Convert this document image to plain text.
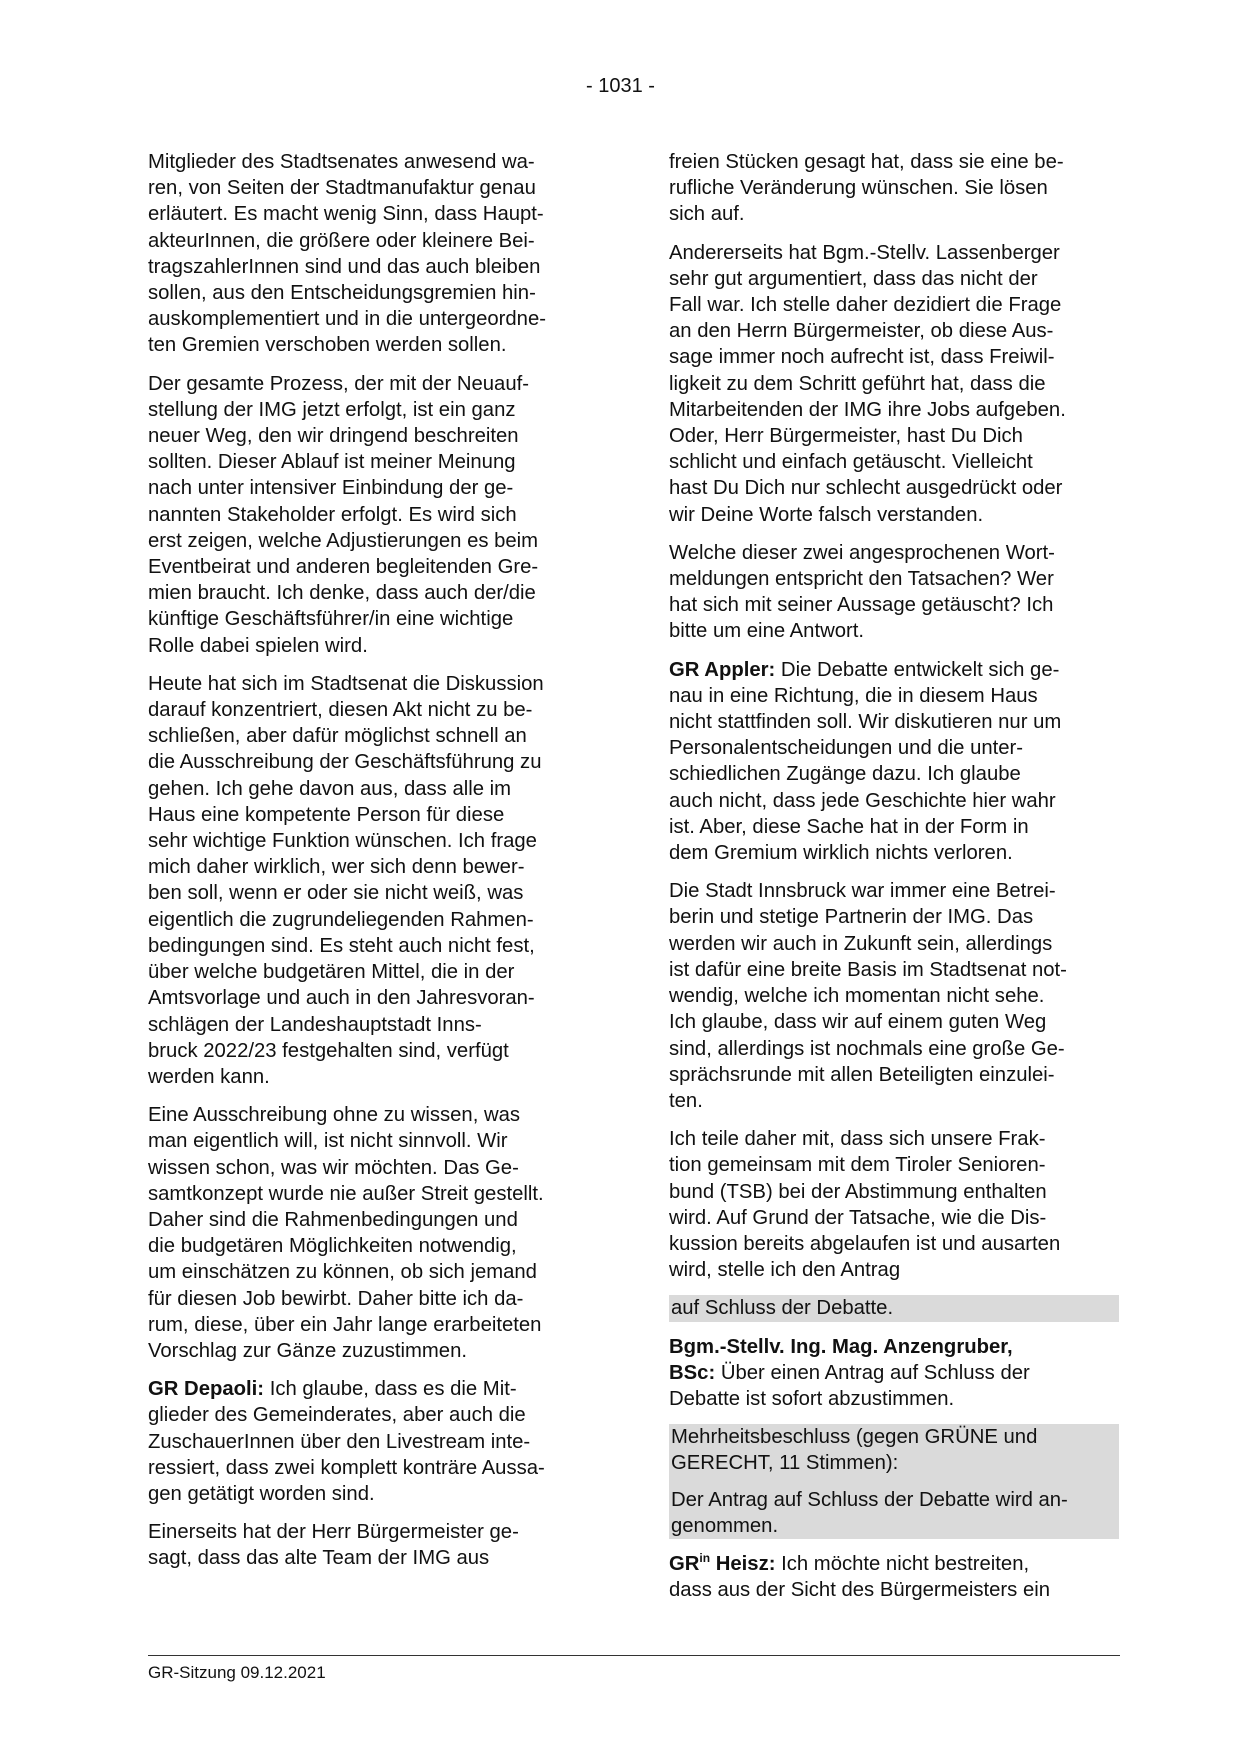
- 1031 -

Mitglieder des Stadtsenates anwesend wa-
ren, von Seiten der Stadtmanufaktur genau
erläutert. Es macht wenig Sinn, dass Haupt-
akteurInnen, die größere oder kleinere Bei-
tragszahlerInnen sind und das auch bleiben
sollen, aus den Entscheidungsgremien hin-
auskomplementiert und in die untergeordne-
ten Gremien verschoben werden sollen.

Der gesamte Prozess, der mit der Neuauf-
stellung der IMG jetzt erfolgt, ist ein ganz
neuer Weg, den wir dringend beschreiten
sollten. Dieser Ablauf ist meiner Meinung
nach unter intensiver Einbindung der ge-
nannten Stakeholder erfolgt. Es wird sich
erst zeigen, welche Adjustierungen es beim
Eventbeirat und anderen begleitenden Gre-
mien braucht. Ich denke, dass auch der/die
künftige Geschäftsführer/in eine wichtige
Rolle dabei spielen wird.

Heute hat sich im Stadtsenat die Diskussion
darauf konzentriert, diesen Akt nicht zu be-
schließen, aber dafür möglichst schnell an
die Ausschreibung der Geschäftsführung zu
gehen. Ich gehe davon aus, dass alle im
Haus eine kompetente Person für diese
sehr wichtige Funktion wünschen. Ich frage
mich daher wirklich, wer sich denn bewer-
ben soll, wenn er oder sie nicht weiß, was
eigentlich die zugrundeliegenden Rahmen-
bedingungen sind. Es steht auch nicht fest,
über welche budgetären Mittel, die in der
Amtsvorlage und auch in den Jahresvoran-
schlägen der Landeshauptstadt Inns-
bruck 2022/23 festgehalten sind, verfügt
werden kann.

Eine Ausschreibung ohne zu wissen, was
man eigentlich will, ist nicht sinnvoll. Wir
wissen schon, was wir möchten. Das Ge-
samtkonzept wurde nie außer Streit gestellt.
Daher sind die Rahmenbedingungen und
die budgetären Möglichkeiten notwendig,
um einschätzen zu können, ob sich jemand
für diesen Job bewirbt. Daher bitte ich da-
rum, diese, über ein Jahr lange erarbeiteten
Vorschlag zur Gänze zuzustimmen.

GR Depaoli: Ich glaube, dass es die Mit-
glieder des Gemeinderates, aber auch die
ZuschauerInnen über den Livestream inte-
ressiert, dass zwei komplett konträre Aussa-
gen getätigt worden sind.

Einerseits hat der Herr Bürgermeister ge-
sagt, dass das alte Team der IMG aus

freien Stücken gesagt hat, dass sie eine be-
rufliche Veränderung wünschen. Sie lösen
sich auf.

Andererseits hat Bgm.-Stellv. Lassenberger
sehr gut argumentiert, dass das nicht der
Fall war. Ich stelle daher dezidiert die Frage
an den Herrn Bürgermeister, ob diese Aus-
sage immer noch aufrecht ist, dass Freiwil-
ligkeit zu dem Schritt geführt hat, dass die
Mitarbeitenden der IMG ihre Jobs aufgeben.
Oder, Herr Bürgermeister, hast Du Dich
schlicht und einfach getäuscht. Vielleicht
hast Du Dich nur schlecht ausgedrückt oder
wir Deine Worte falsch verstanden.

Welche dieser zwei angesprochenen Wort-
meldungen entspricht den Tatsachen? Wer
hat sich mit seiner Aussage getäuscht? Ich
bitte um eine Antwort.

GR Appler: Die Debatte entwickelt sich ge-
nau in eine Richtung, die in diesem Haus
nicht stattfinden soll. Wir diskutieren nur um
Personalentscheidungen und die unter-
schiedlichen Zugänge dazu. Ich glaube
auch nicht, dass jede Geschichte hier wahr
ist. Aber, diese Sache hat in der Form in
dem Gremium wirklich nichts verloren.

Die Stadt Innsbruck war immer eine Betrei-
berin und stetige Partnerin der IMG. Das
werden wir auch in Zukunft sein, allerdings
ist dafür eine breite Basis im Stadtsenat not-
wendig, welche ich momentan nicht sehe.
Ich glaube, dass wir auf einem guten Weg
sind, allerdings ist nochmals eine große Ge-
sprächsrunde mit allen Beteiligten einzulei-
ten.

Ich teile daher mit, dass sich unsere Frak-
tion gemeinsam mit dem Tiroler Senioren-
bund (TSB) bei der Abstimmung enthalten
wird. Auf Grund der Tatsache, wie die Dis-
kussion bereits abgelaufen ist und ausarten
wird, stelle ich den Antrag

auf Schluss der Debatte.

Bgm.-Stellv. Ing. Mag. Anzengruber,
BSc: Über einen Antrag auf Schluss der
Debatte ist sofort abzustimmen.

Mehrheitsbeschluss (gegen GRÜNE und
GERECHT, 11 Stimmen):

Der Antrag auf Schluss der Debatte wird an-
genommen.

$GR^{in}$ Heisz: Ich möchte nicht bestreiten,
dass aus der Sicht des Bürgermeisters ein

GR-Sitzung 09.12.2021
